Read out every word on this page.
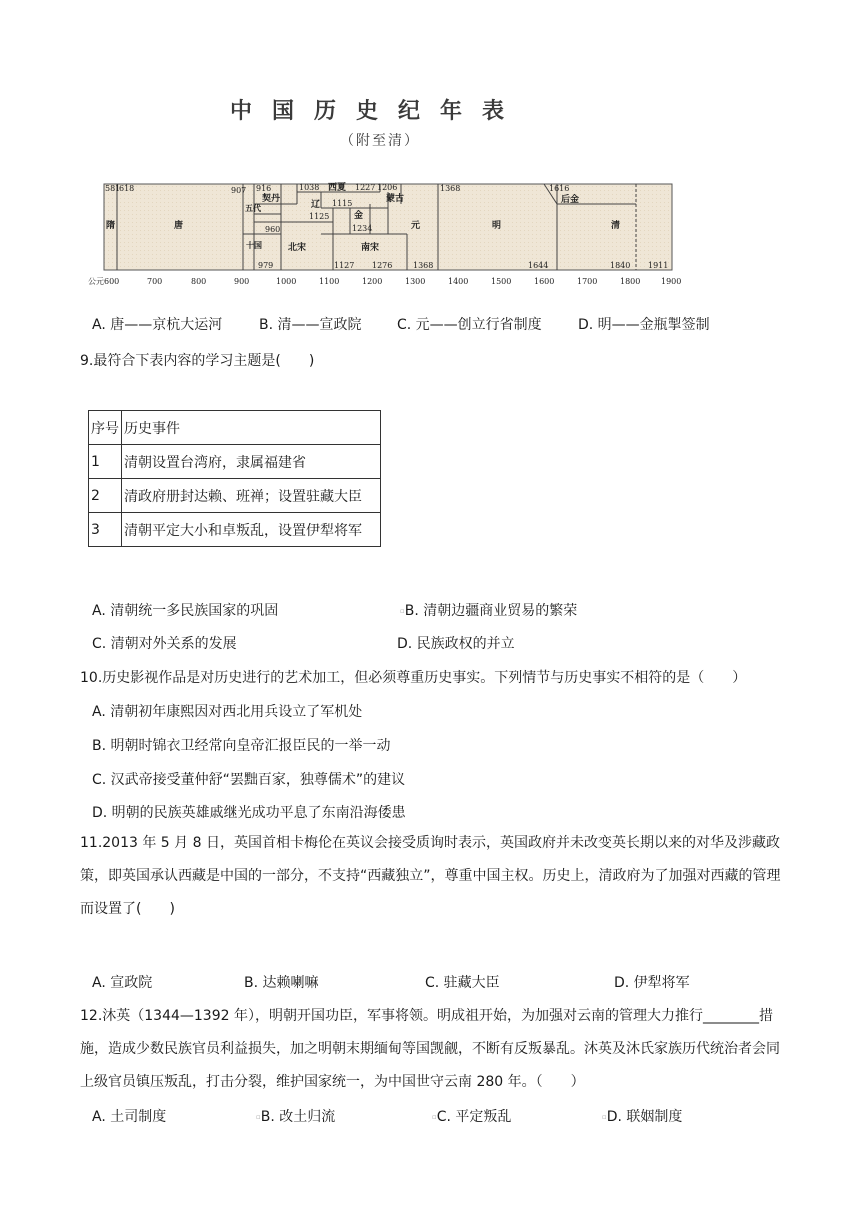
中国历史纪年表
（附至清）
581
618	907 916	1038	1227 1206	1368	1616
1115
1125
1234
960
979	1127 1276	1368	1644	1840 1911
隋	唐
契丹
五代	辽
西夏
金
蒙古
十国	北宋	南宋
元	明
后金
清
公元 600	700	800	900	1000	1100	1200	1300	1400	1500	1600	1700	1800	1900
A. 唐——京杭大运河	B. 清——宣政院	C. 元——创立行省制度	D. 明——金瓶掣签制
9.最符合下表内容的学习主题是(　　)
序号	历史事件
1	清朝设置台湾府，隶属福建省
2	清政府册封达赖、班禅；设置驻藏大臣
3	清朝平定大小和卓叛乱，设置伊犁将军
A. 清朝统一多民族国家的巩固	▫B. 清朝边疆商业贸易的繁荣
C. 清朝对外关系的发展	D. 民族政权的并立
10.历史影视作品是对历史进行的艺术加工，但必须尊重历史事实。下列情节与历史事实不相符的是（　　）
A. 清朝初年康熙因对西北用兵设立了军机处
B. 明朝时锦衣卫经常向皇帝汇报臣民的一举一动
C. 汉武帝接受董仲舒“罢黜百家，独尊儒术”的建议
D. 明朝的民族英雄戚继光成功平息了东南沿海倭患
11.2013 年 5 月 8 日，英国首相卡梅伦在英议会接受质询时表示，英国政府并未改变英长期以来的对华及涉藏政策，即英国承认西藏是中国的一部分，不支持“西藏独立”，尊重中国主权。历史上，清政府为了加强对西藏的管理而设置了(　　)
A. 宣政院	B. 达赖喇嘛	C. 驻藏大臣	D. 伊犁将军
12.沐英（1344—1392 年），明朝开国功臣，军事将领。明成祖开始，为加强对云南的管理大力推行________措施，造成少数民族官员利益损失，加之明朝末期缅甸等国觊觎，不断有反叛暴乱。沐英及沐氏家族历代统治者会同上级官员镇压叛乱，打击分裂，维护国家统一，为中国世守云南 280 年。（　　）
A. 土司制度	▫B. 改土归流	▫C. 平定叛乱	▫D. 联姻制度
